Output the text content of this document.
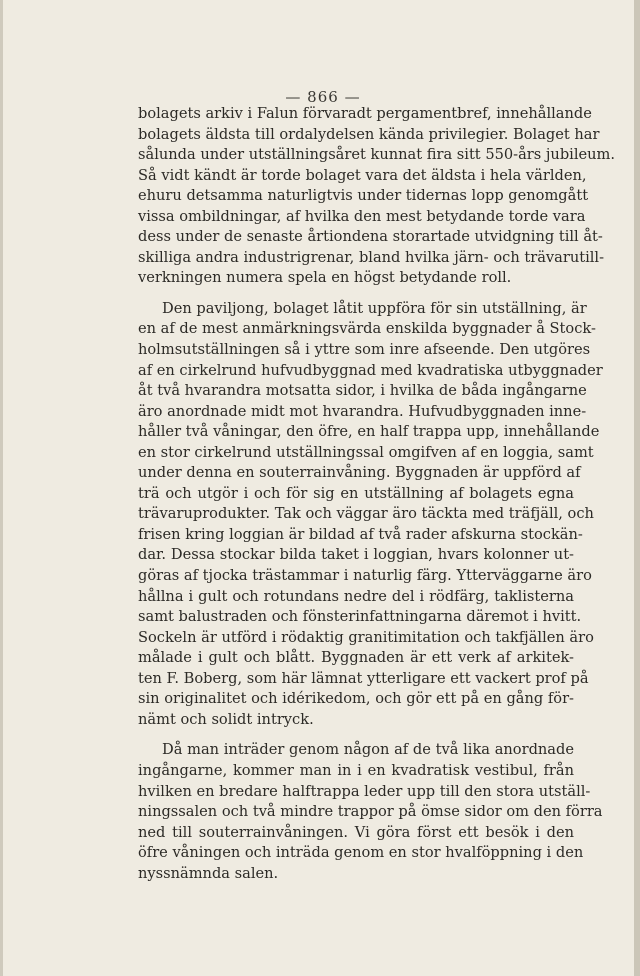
— 866 —
bolagets arkiv i Falun förvaradt pergamentbref, innehållande
bolagets äldsta till ordalydelsen kända privilegier. Bolaget har
sålunda under utställningsåret kunnat fira sitt 550-års jubileum.
Så vidt kändt är torde bolaget vara det äldsta i hela världen,
ehuru detsamma naturligtvis under tidernas lopp genomgått
vissa ombildningar, af hvilka den mest betydande torde vara
dess under de senaste årtiondena storartade utvidgning till åt-
skilliga andra industrigrenar, bland hvilka järn- och trävarutill-
verkningen numera spela en högst betydande roll.
Den paviljong, bolaget låtit uppföra för sin utställning, är
en af de mest anmärkningsvärda enskilda byggnader å Stock-
holmsutställningen så i yttre som inre afseende. Den utgöres
af en cirkelrund hufvudbyggnad med kvadratiska utbyggnader
åt två hvarandra motsatta sidor, i hvilka de båda ingångarne
äro anordnade midt mot hvarandra. Hufvudbyggnaden inne-
håller två våningar, den öfre, en half trappa upp, innehållande
en stor cirkelrund utställningssal omgifven af en loggia, samt
under denna en souterrainvåning. Byggnaden är uppförd af
trä och utgör i och för sig en utställning af bolagets egna
trävaruprodukter. Tak och väggar äro täckta med träfjäll, och
frisen kring loggian är bildad af två rader afskurna stockän-
dar. Dessa stockar bilda taket i loggian, hvars kolonner ut-
göras af tjocka trästammar i naturlig färg. Ytterväggarne äro
hållna i gult och rotundans nedre del i rödfärg, taklisterna
samt balustraden och fönsterinfattningarna däremot i hvitt.
Sockeln är utförd i rödaktig granitimitation och takfjällen äro
målade i gult och blått. Byggnaden är ett verk af arkitek-
ten F. Boberg, som här lämnat ytterligare ett vackert prof på
sin originalitet och idérikedom, och gör ett på en gång för-
nämt och solidt intryck.
Då man inträder genom någon af de två lika anordnade
ingångarne, kommer man in i en kvadratisk vestibul, från
hvilken en bredare halftrappa leder upp till den stora utställ-
ningssalen och två mindre trappor på ömse sidor om den förra
ned till souterrainvåningen. Vi göra först ett besök i den
öfre våningen och inträda genom en stor hvalföppning i den
nyssnämnda salen.
